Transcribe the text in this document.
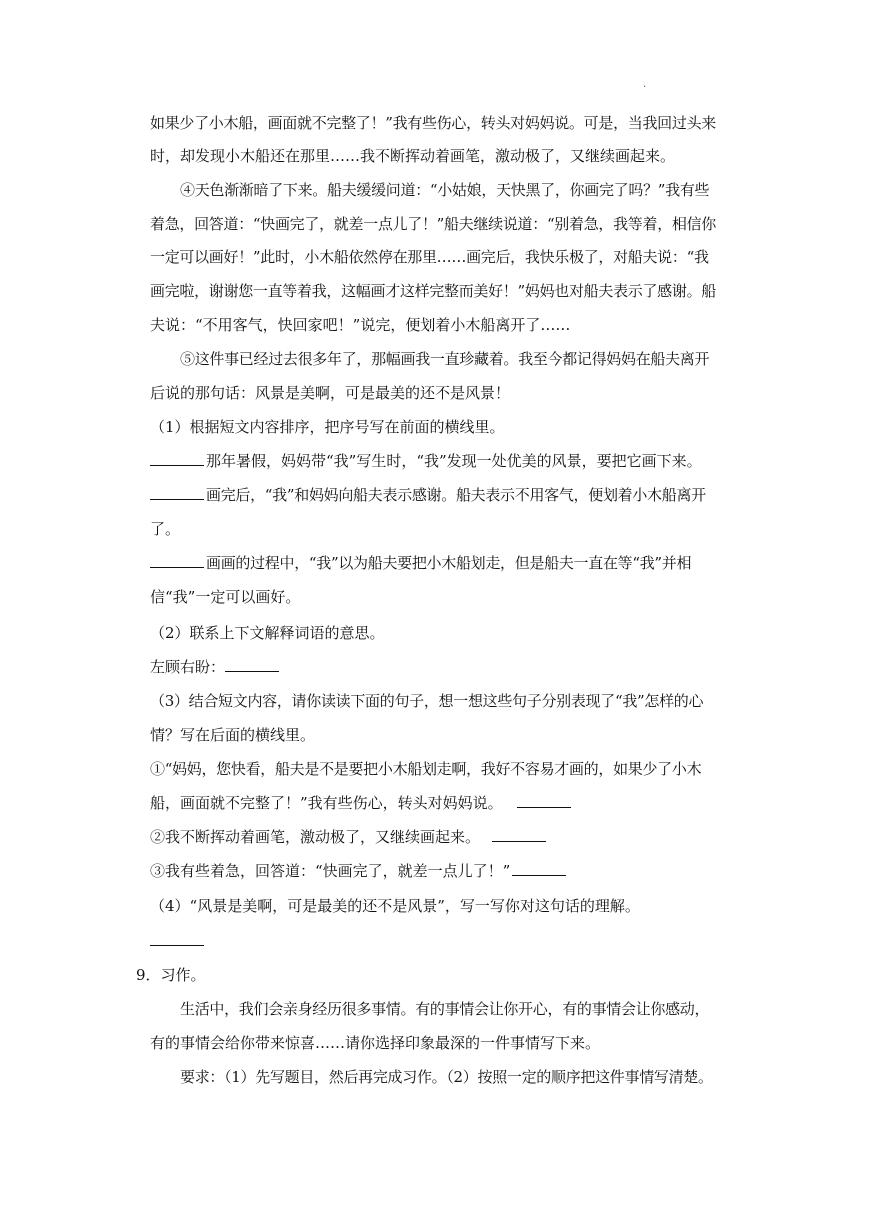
.
如果少了小木船，画面就不完整了！”我有些伤心，转头对妈妈说。可是，当我回过头来
时，却发现小木船还在那里……我不断挥动着画笔，激动极了，又继续画起来。
④天色渐渐暗了下来。船夫缓缓问道：“小姑娘，天快黑了，你画完了吗？”我有些
着急，回答道：“快画完了，就差一点儿了！”船夫继续说道：“别着急，我等着，相信你
一定可以画好！”此时，小木船依然停在那里……画完后，我快乐极了，对船夫说：“我
画完啦，谢谢您一直等着我，这幅画才这样完整而美好！”妈妈也对船夫表示了感谢。船
夫说：“不用客气，快回家吧！”说完，便划着小木船离开了……
⑤这件事已经过去很多年了，那幅画我一直珍藏着。我至今都记得妈妈在船夫离开
后说的那句话：风景是美啊，可是最美的还不是风景！
（1）根据短文内容排序，把序号写在前面的横线里。
那年暑假，妈妈带“我”写生时，“我”发现一处优美的风景，要把它画下来。
画完后，“我”和妈妈向船夫表示感谢。船夫表示不用客气，便划着小木船离开
了。
画画的过程中，“我”以为船夫要把小木船划走，但是船夫一直在等“我”并相
信“我”一定可以画好。
（2）联系上下文解释词语的意思。
左顾右盼：
（3）结合短文内容，请你读读下面的句子，想一想这些句子分别表现了“我”怎样的心
情？写在后面的横线里。
①“妈妈，您快看，船夫是不是要把小木船划走啊，我好不容易才画的，如果少了小木
船，画面就不完整了！”我有些伤心，转头对妈妈说。
②我不断挥动着画笔，激动极了，又继续画起来。
③我有些着急，回答道：“快画完了，就差一点儿了！”
（4）“风景是美啊，可是最美的还不是风景”，写一写你对这句话的理解。
9．习作。
生活中，我们会亲身经历很多事情。有的事情会让你开心，有的事情会让你感动，
有的事情会给你带来惊喜……请你选择印象最深的一件事情写下来。
要求：（1）先写题目，然后再完成习作。（2）按照一定的顺序把这件事情写清楚。
